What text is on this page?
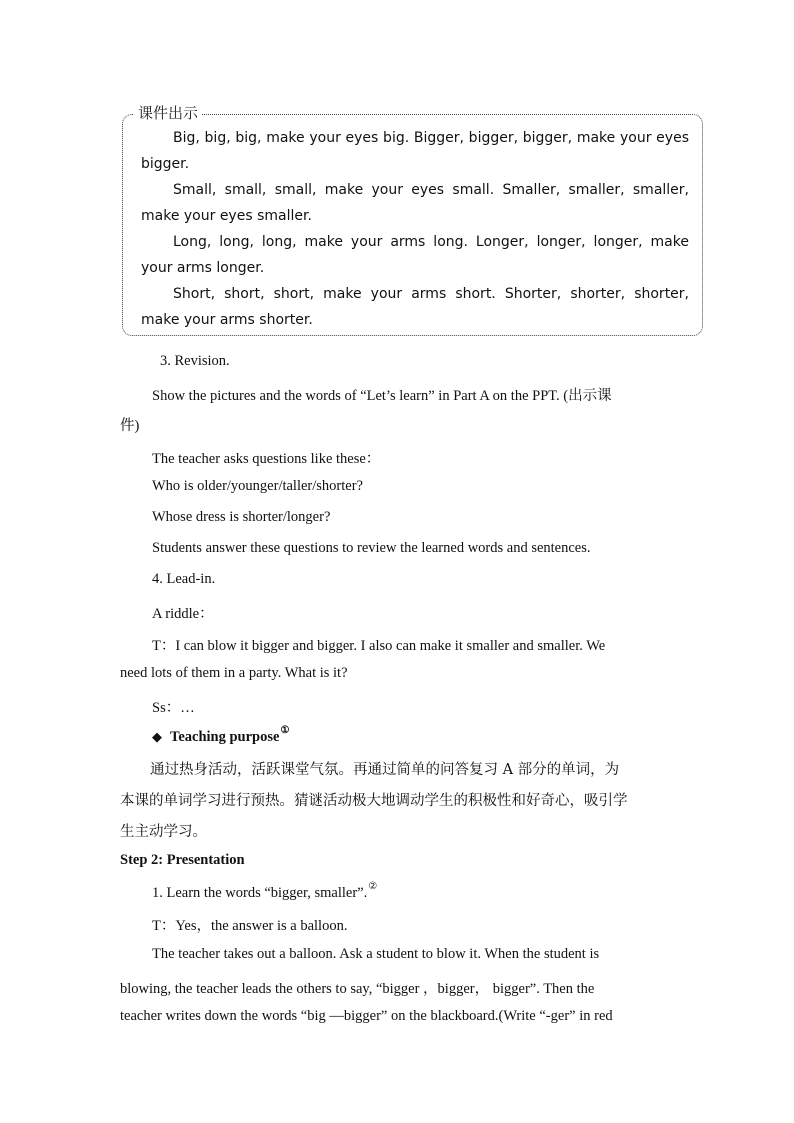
课件出示
Big, big, big, make your eyes big. Bigger, bigger, bigger, make your eyes bigger.
Small, small, small, make your eyes small. Smaller, smaller, smaller, make your eyes smaller.
Long, long, long, make your arms long. Longer, longer, longer, make your arms longer.
Short, short, short, make your arms short. Shorter, shorter, shorter, make your arms shorter.
3. Revision.
Show the pictures and the words of “Let’s learn” in Part A on the PPT. (出示课
件)
The teacher asks questions like these：
Who is older/younger/taller/shorter?
Whose dress is shorter/longer?
Students answer these questions to review the learned words and sentences.
4. Lead-in.
A riddle：
T：I can blow it bigger and bigger. I also can make it smaller and smaller. We
need lots of them in a party. What is it?
Ss：…
◆ Teaching purpose①
通过热身活动，活跃课堂气氛。再通过简单的问答复习 A 部分的单词，为
本课的单词学习进行预热。猜谜活动极大地调动学生的积极性和好奇心，吸引学
生主动学习。
Step 2: Presentation
1. Learn the words “bigger, smaller”.②
T：Yes，the answer is a balloon.
The teacher takes out a balloon. Ask a student to blow it. When the student is
blowing, the teacher leads the others to say, “bigger ，bigger， bigger”. Then the
teacher writes down the words “big —bigger” on the blackboard.(Write “-ger” in red
